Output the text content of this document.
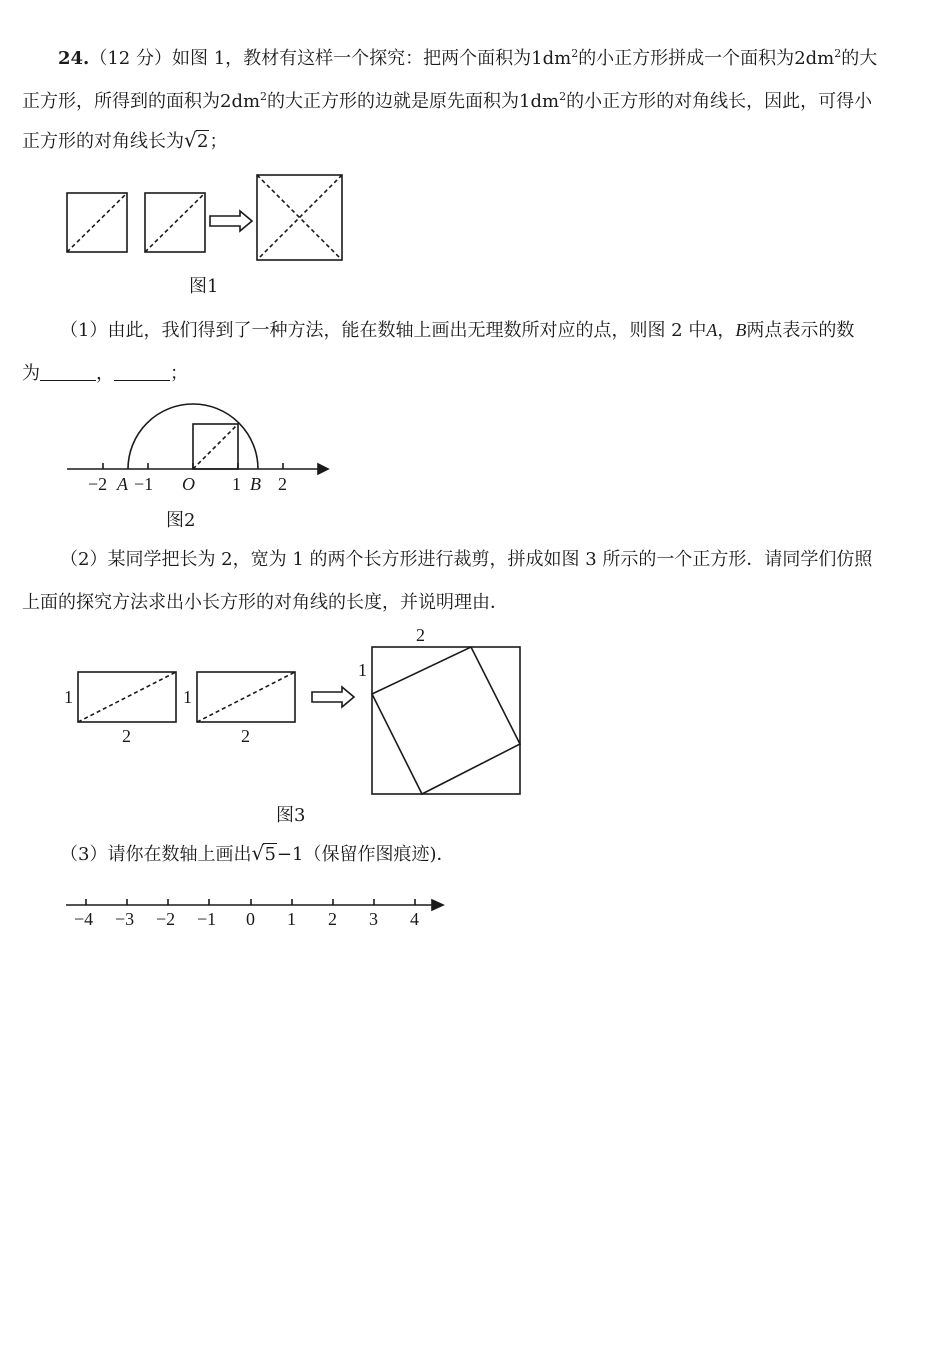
24.（12 分）如图 1，教材有这样一个探究：把两个面积为$1dm^2$的小正方形拼成一个面积为$2dm^2$的大
正方形，所得到的面积为$2dm^2$的大正方形的边就是原先面积为$1dm^2$的小正方形的对角线长，因此，可得小
正方形的对角线长为 √ 2；
−2 A −1 O 1 B 2
1
2
1
2
2
1
−4 −3 −2 −1 0 1 2 3 4
图1
（1）由此，我们得到了一种方法，能在数轴上画出无理数所对应的点，则图 2 中A，B两点表示的数
为	，	；
图2
（2）某同学把长为 2，宽为 1 的两个长方形进行裁剪，拼成如图 3 所示的一个正方形．请同学们仿照
上面的探究方法求出小长方形的对角线的长度，并说明理由．
图3
（3）请你在数轴上画出 √ 5−1（保留作图痕迹)．
